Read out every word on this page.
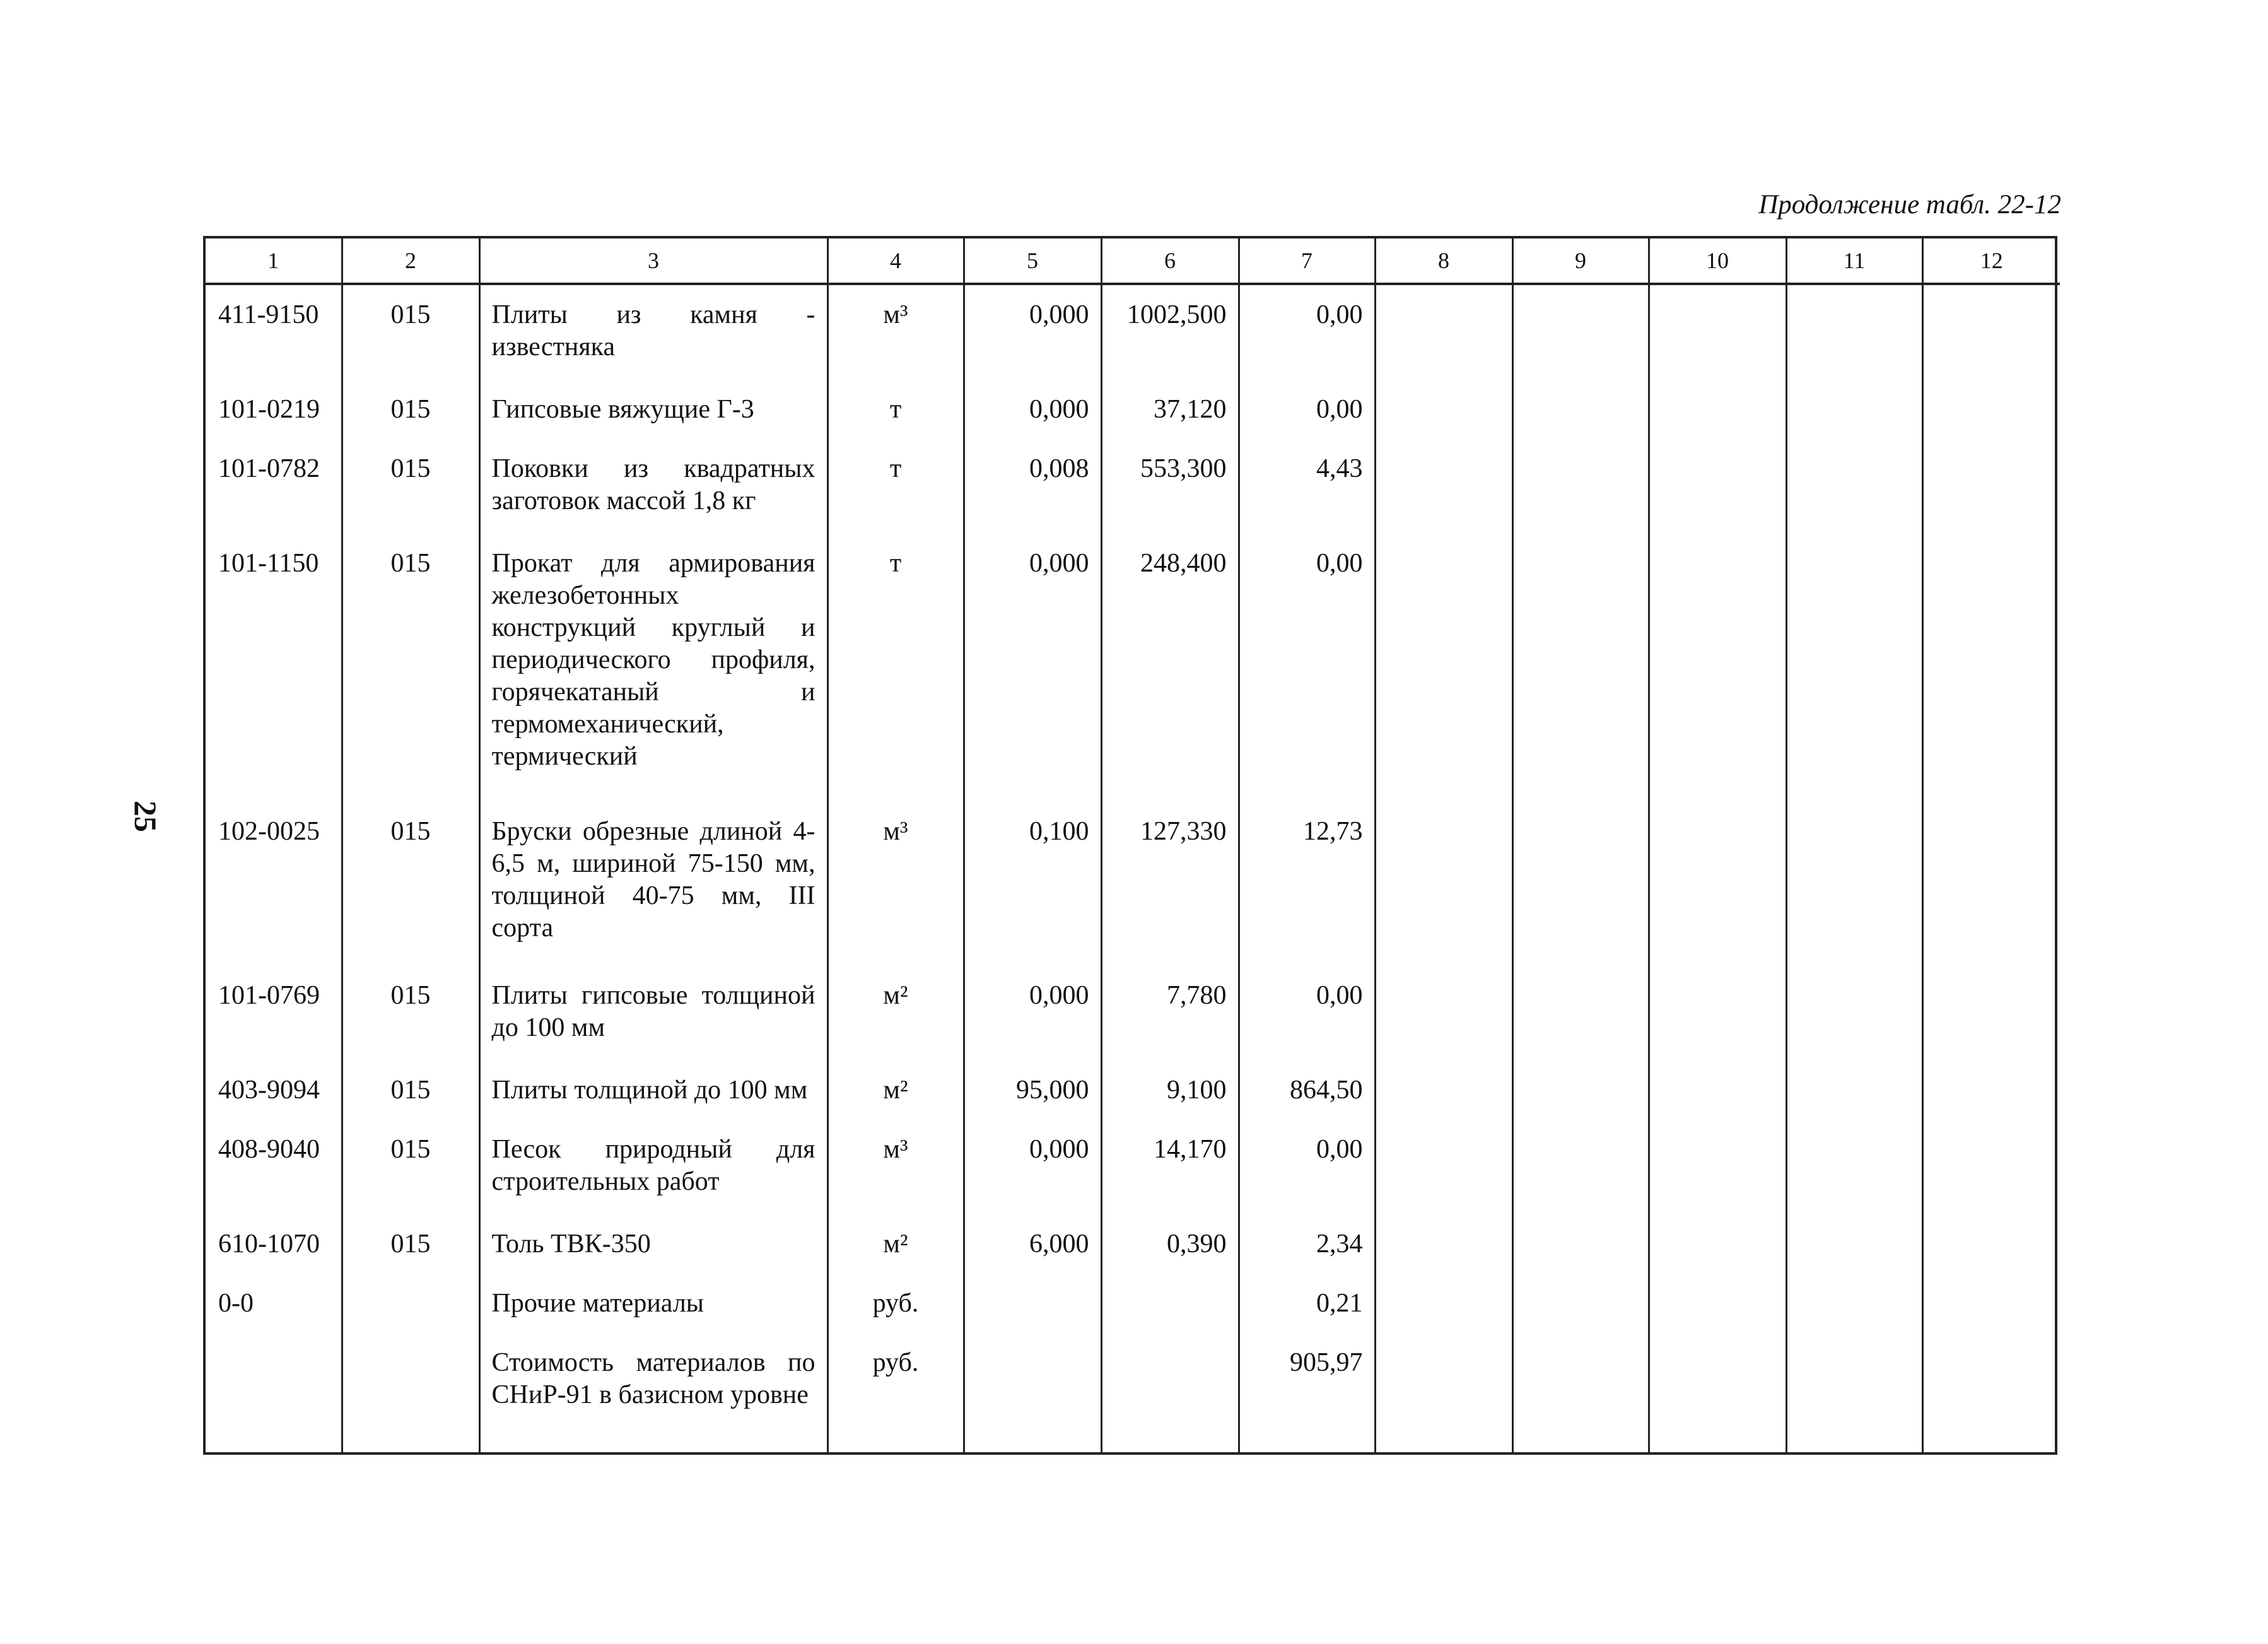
Продолжение табл. 22-12
25
1	2	3	4	5	6	7	8	9	10	11	12
411-9150	015	Плиты из камня - известняка	м³	0,000	1002,500	0,00					
101-0219	015	Гипсовые вяжущие Г-3	т	0,000	37,120	0,00					
101-0782	015	Поковки из квадратных заготовок массой 1,8 кг	т	0,008	553,300	4,43					
101-1150	015	Прокат для армирования железобетонных конструкций круглый и периодического профиля, горячекатаный и термомеханический, термический	т	0,000	248,400	0,00					
102-0025	015	Бруски обрезные длиной 4-6,5 м, шириной 75-150 мм, толщиной 40-75 мм, III сорта	м³	0,100	127,330	12,73					
101-0769	015	Плиты гипсовые толщиной до 100 мм	м²	0,000	7,780	0,00					
403-9094	015	Плиты толщиной до 100 мм	м²	95,000	9,100	864,50					
408-9040	015	Песок природный для строительных работ	м³	0,000	14,170	0,00					
610-1070	015	Толь ТВК-350	м²	6,000	0,390	2,34					
0-0		Прочие материалы	руб.			0,21					
		Стоимость материалов по СНиР-91 в базисном уровне	руб.			905,97					
